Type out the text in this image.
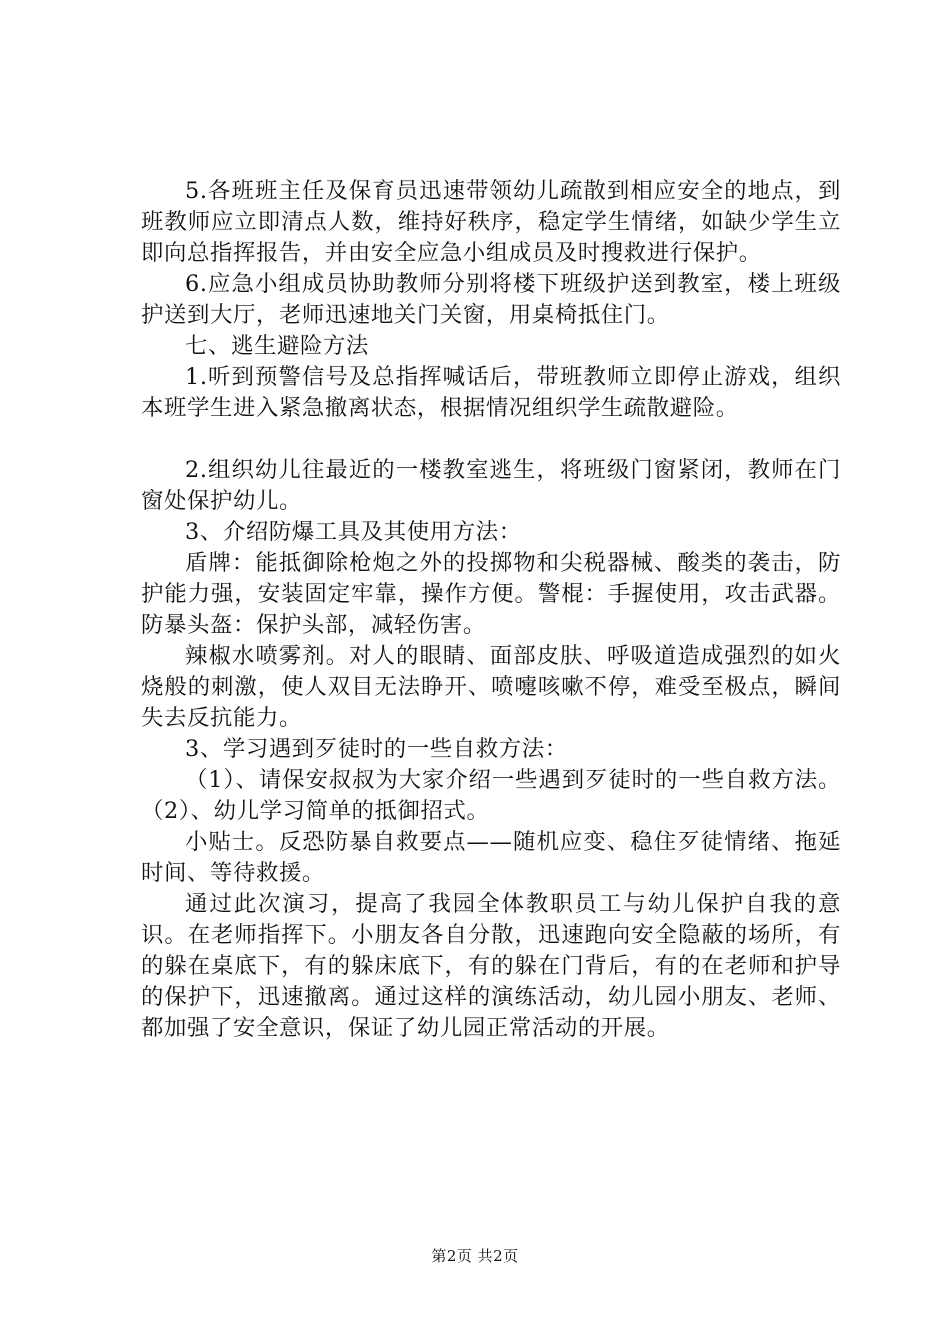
5.各班班主任及保育员迅速带领幼儿疏散到相应安全的地点，到班教师应立即清点人数，维持好秩序，稳定学生情绪，如缺少学生立即向总指挥报告，并由安全应急小组成员及时搜救进行保护。

6.应急小组成员协助教师分别将楼下班级护送到教室，楼上班级护送到大厅，老师迅速地关门关窗，用桌椅抵住门。

七、逃生避险方法

1.听到预警信号及总指挥喊话后，带班教师立即停止游戏，组织本班学生进入紧急撤离状态，根据情况组织学生疏散避险。

2.组织幼儿往最近的一楼教室逃生，将班级门窗紧闭，教师在门窗处保护幼儿。

3、介绍防爆工具及其使用方法：

盾牌：能抵御除枪炮之外的投掷物和尖税器械、酸类的袭击，防护能力强，安装固定牢靠，操作方便。警棍：手握使用，攻击武器。防暴头盔：保护头部，减轻伤害。

辣椒水喷雾剂。对人的眼睛、面部皮肤、呼吸道造成强烈的如火烧般的刺激，使人双目无法睁开、喷嚏咳嗽不停，难受至极点，瞬间失去反抗能力。

3、学习遇到歹徒时的一些自救方法：

（1）、请保安叔叔为大家介绍一些遇到歹徒时的一些自救方法。（2）、幼儿学习简单的抵御招式。

小贴士。反恐防暴自救要点——随机应变、稳住歹徒情绪、拖延时间、等待救援。

通过此次演习，提高了我园全体教职员工与幼儿保护自我的意识。在老师指挥下。小朋友各自分散，迅速跑向安全隐蔽的场所，有的躲在桌底下，有的躲床底下，有的躲在门背后，有的在老师和护导的保护下，迅速撤离。通过这样的演练活动，幼儿园小朋友、老师、都加强了安全意识，保证了幼儿园正常活动的开展。

第2页 共2页
